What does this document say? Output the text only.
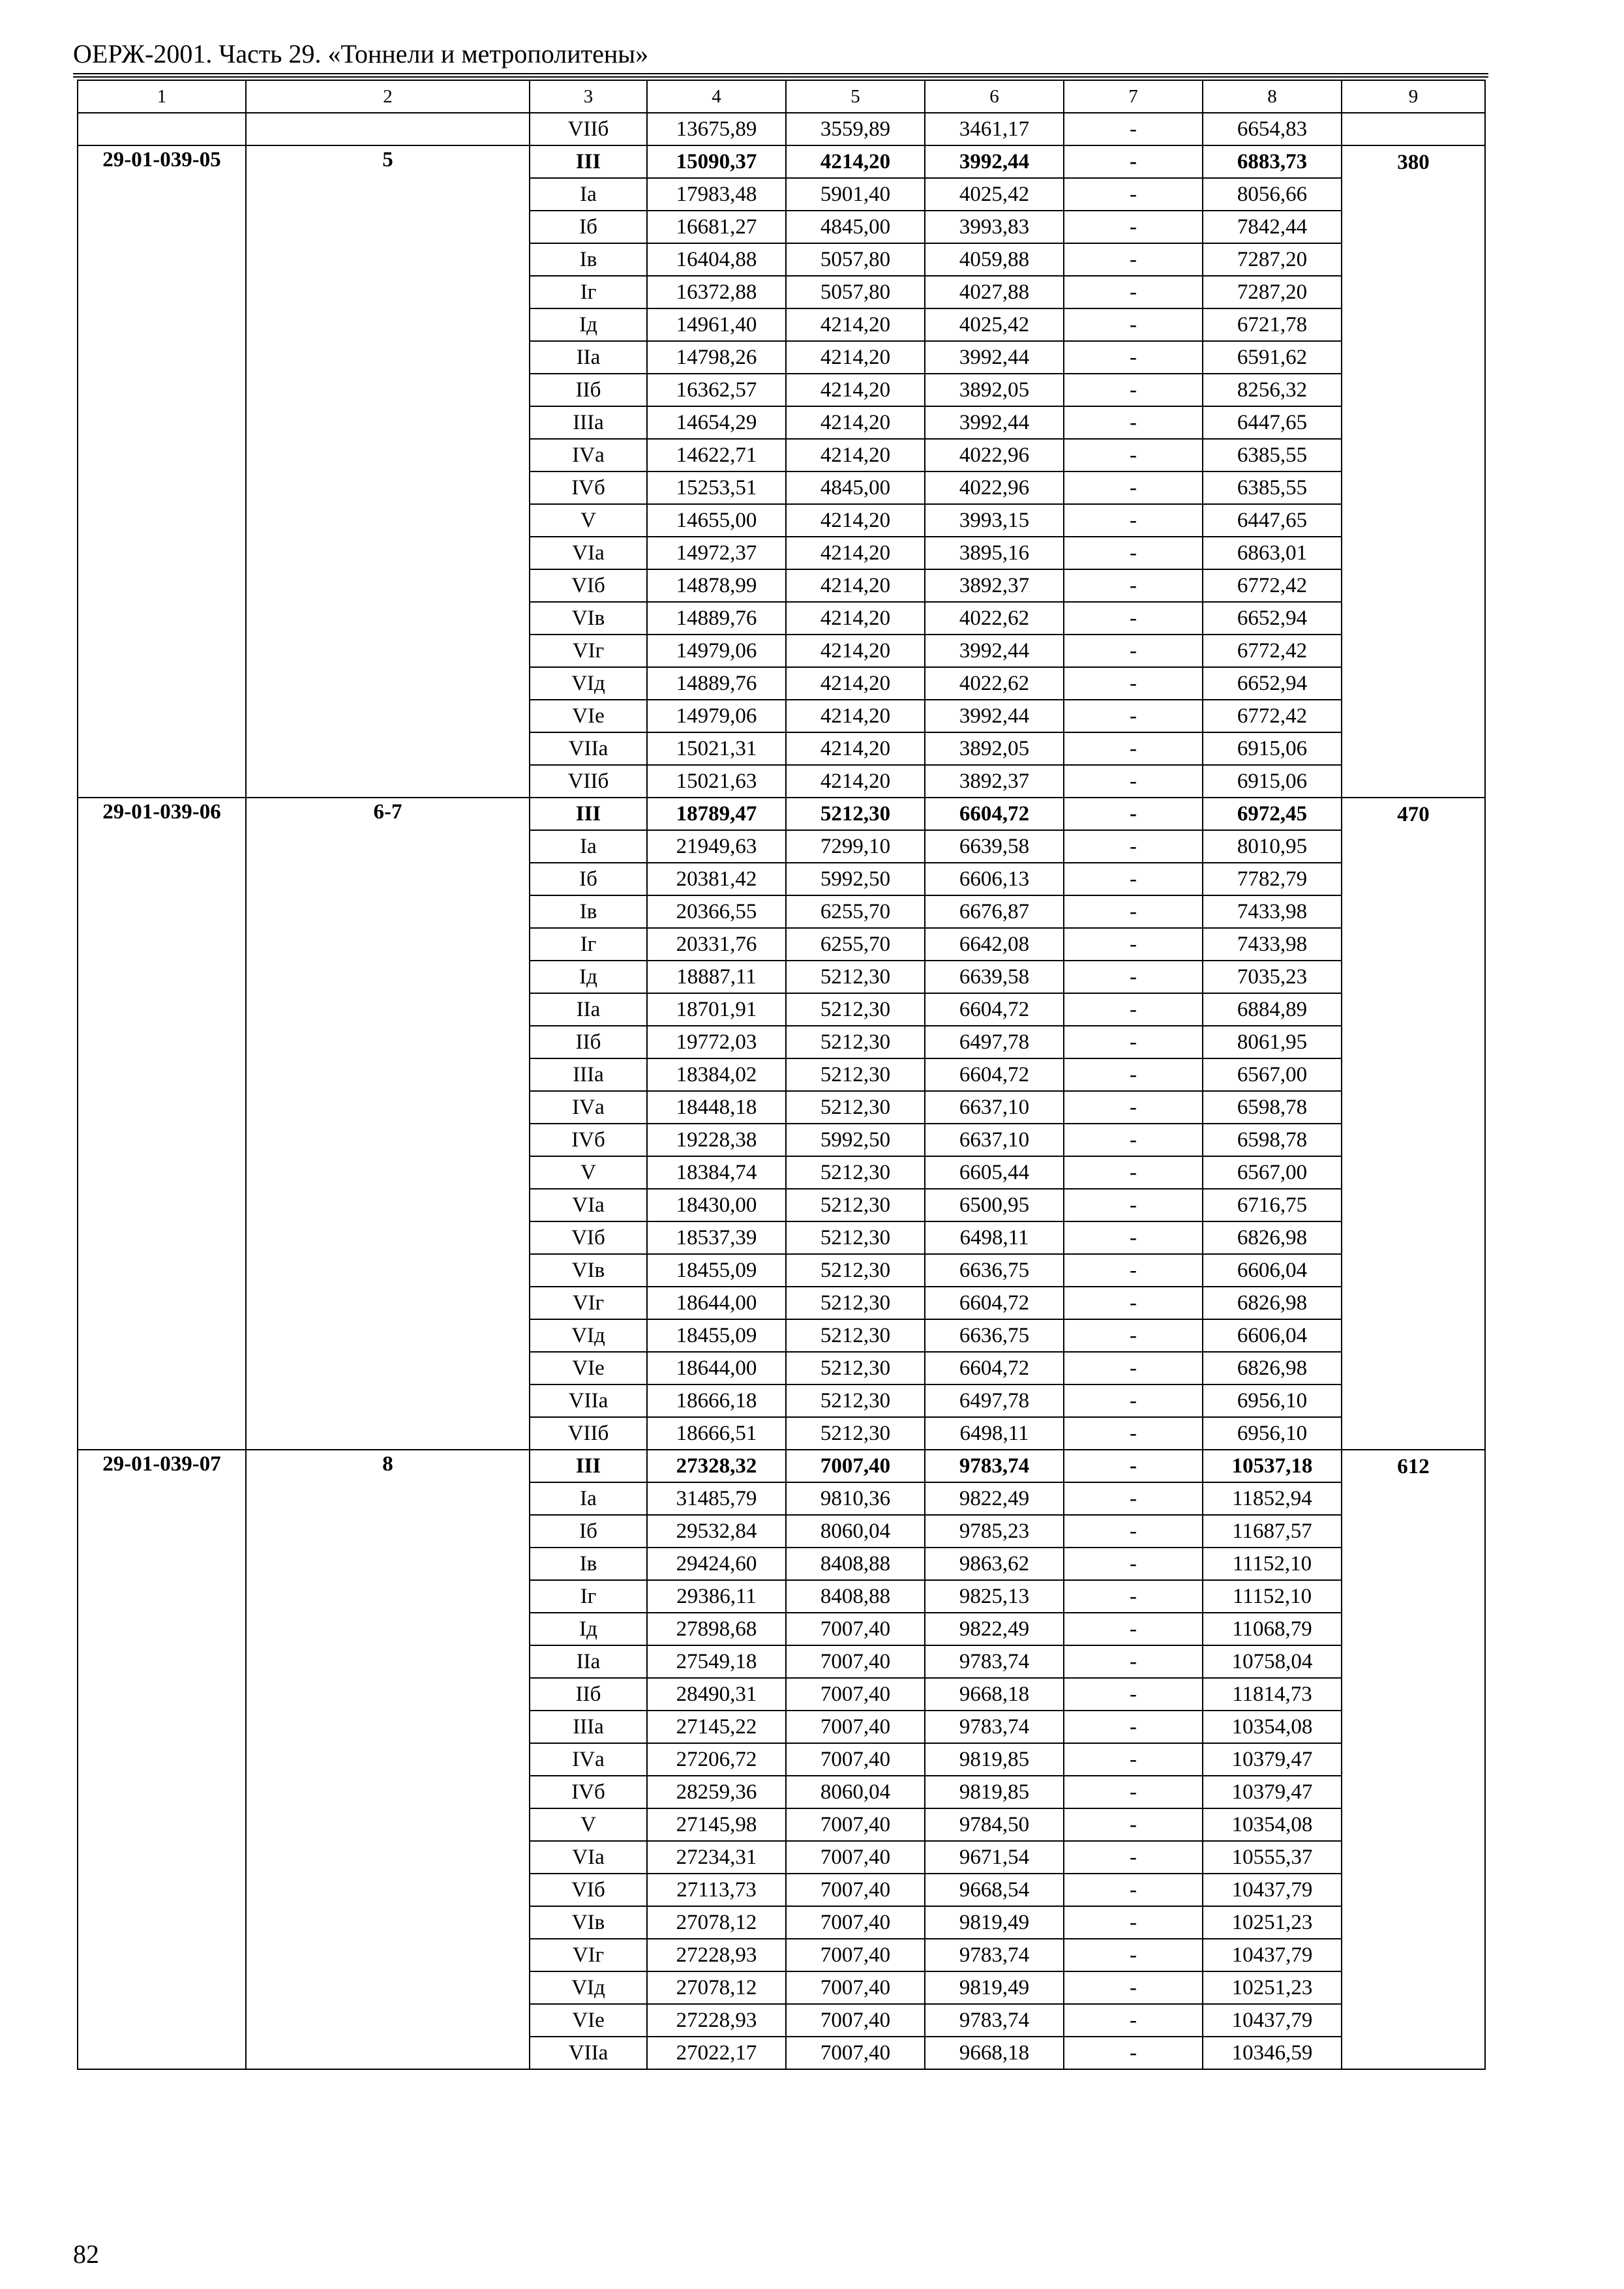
ОЕРЖ-2001. Часть 29. «Тоннели и метрополитены»
1	2	3	4	5	6	7	8	9
		VIIб	13675,89	3559,89	3461,17	-	6654,83	
29-01-039-05	5	III	15090,37	4214,20	3992,44	-	6883,73	380
		Iа	17983,48	5901,40	4025,42	-	8056,66	
		Iб	16681,27	4845,00	3993,83	-	7842,44	
		Iв	16404,88	5057,80	4059,88	-	7287,20	
		Iг	16372,88	5057,80	4027,88	-	7287,20	
		Iд	14961,40	4214,20	4025,42	-	6721,78	
		IIа	14798,26	4214,20	3992,44	-	6591,62	
		IIб	16362,57	4214,20	3892,05	-	8256,32	
		IIIа	14654,29	4214,20	3992,44	-	6447,65	
		IVа	14622,71	4214,20	4022,96	-	6385,55	
		IVб	15253,51	4845,00	4022,96	-	6385,55	
		V	14655,00	4214,20	3993,15	-	6447,65	
		VIа	14972,37	4214,20	3895,16	-	6863,01	
		VIб	14878,99	4214,20	3892,37	-	6772,42	
		VIв	14889,76	4214,20	4022,62	-	6652,94	
		VIг	14979,06	4214,20	3992,44	-	6772,42	
		VIд	14889,76	4214,20	4022,62	-	6652,94	
		VIе	14979,06	4214,20	3992,44	-	6772,42	
		VIIа	15021,31	4214,20	3892,05	-	6915,06	
		VIIб	15021,63	4214,20	3892,37	-	6915,06	
29-01-039-06	6-7	III	18789,47	5212,30	6604,72	-	6972,45	470
		Iа	21949,63	7299,10	6639,58	-	8010,95	
		Iб	20381,42	5992,50	6606,13	-	7782,79	
		Iв	20366,55	6255,70	6676,87	-	7433,98	
		Iг	20331,76	6255,70	6642,08	-	7433,98	
		Iд	18887,11	5212,30	6639,58	-	7035,23	
		IIа	18701,91	5212,30	6604,72	-	6884,89	
		IIб	19772,03	5212,30	6497,78	-	8061,95	
		IIIа	18384,02	5212,30	6604,72	-	6567,00	
		IVа	18448,18	5212,30	6637,10	-	6598,78	
		IVб	19228,38	5992,50	6637,10	-	6598,78	
		V	18384,74	5212,30	6605,44	-	6567,00	
		VIа	18430,00	5212,30	6500,95	-	6716,75	
		VIб	18537,39	5212,30	6498,11	-	6826,98	
		VIв	18455,09	5212,30	6636,75	-	6606,04	
		VIг	18644,00	5212,30	6604,72	-	6826,98	
		VIд	18455,09	5212,30	6636,75	-	6606,04	
		VIе	18644,00	5212,30	6604,72	-	6826,98	
		VIIа	18666,18	5212,30	6497,78	-	6956,10	
		VIIб	18666,51	5212,30	6498,11	-	6956,10	
29-01-039-07	8	III	27328,32	7007,40	9783,74	-	10537,18	612
		Iа	31485,79	9810,36	9822,49	-	11852,94	
		Iб	29532,84	8060,04	9785,23	-	11687,57	
		Iв	29424,60	8408,88	9863,62	-	11152,10	
		Iг	29386,11	8408,88	9825,13	-	11152,10	
		Iд	27898,68	7007,40	9822,49	-	11068,79	
		IIа	27549,18	7007,40	9783,74	-	10758,04	
		IIб	28490,31	7007,40	9668,18	-	11814,73	
		IIIа	27145,22	7007,40	9783,74	-	10354,08	
		IVа	27206,72	7007,40	9819,85	-	10379,47	
		IVб	28259,36	8060,04	9819,85	-	10379,47	
		V	27145,98	7007,40	9784,50	-	10354,08	
		VIа	27234,31	7007,40	9671,54	-	10555,37	
		VIб	27113,73	7007,40	9668,54	-	10437,79	
		VIв	27078,12	7007,40	9819,49	-	10251,23	
		VIг	27228,93	7007,40	9783,74	-	10437,79	
		VIд	27078,12	7007,40	9819,49	-	10251,23	
		VIе	27228,93	7007,40	9783,74	-	10437,79	
		VIIа	27022,17	7007,40	9668,18	-	10346,59	
82
